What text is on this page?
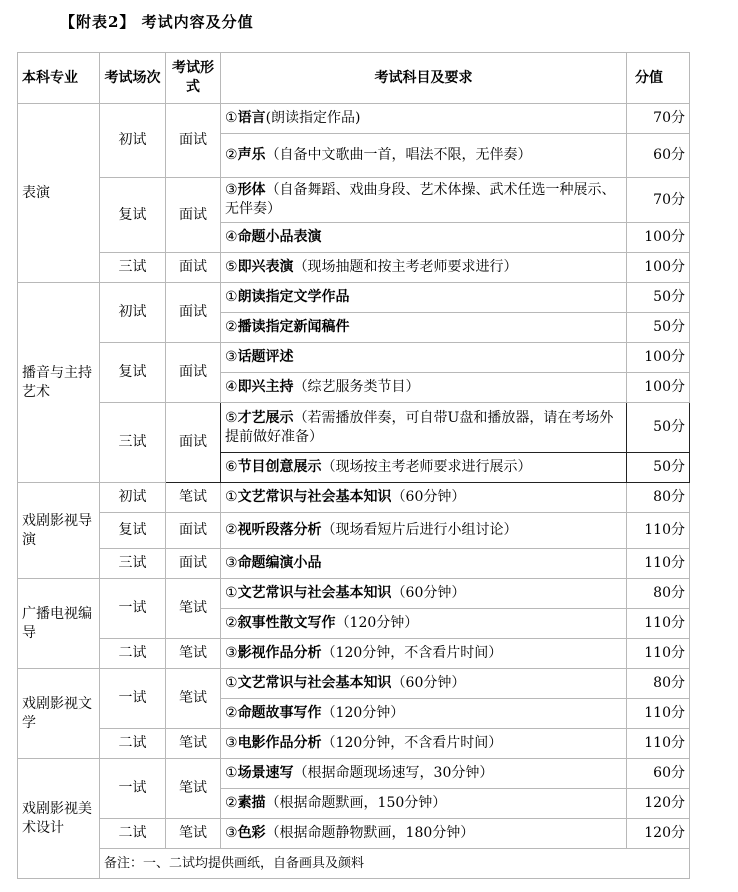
【附表2】 考试内容及分值
本科专业	考试场次	考试形式	考试科目及要求	分值
表演	初试	面试	①语言(朗读指定作品)	70分
			②声乐（自备中文歌曲一首，唱法不限，无伴奏）	60分
	复试	面试	③形体（自备舞蹈、戏曲身段、艺术体操、武术任选一种展示、无伴奏）	70分
			④命题小品表演	100分
	三试	面试	⑤即兴表演（现场抽题和按主考老师要求进行）	100分
播音与主持艺术	初试	面试	①朗读指定文学作品	50分
			②播读指定新闻稿件	50分
	复试	面试	③话题评述	100分
			④即兴主持（综艺服务类节目）	100分
	三试	面试	⑤才艺展示（若需播放伴奏，可自带U盘和播放器，请在考场外提前做好准备）	50分
			⑥节目创意展示（现场按主考老师要求进行展示）	50分
戏剧影视导演	初试	笔试	①文艺常识与社会基本知识（60分钟）	80分
	复试	面试	②视听段落分析（现场看短片后进行小组讨论）	110分
	三试	面试	③命题编演小品	110分
广播电视编导	一试	笔试	①文艺常识与社会基本知识（60分钟）	80分
			②叙事性散文写作（120分钟）	110分
	二试	笔试	③影视作品分析（120分钟，不含看片时间）	110分
戏剧影视文学	一试	笔试	①文艺常识与社会基本知识（60分钟）	80分
			②命题故事写作（120分钟）	110分
	二试	笔试	③电影作品分析（120分钟，不含看片时间）	110分
戏剧影视美术设计	一试	笔试	①场景速写（根据命题现场速写，30分钟）	60分
			②素描（根据命题默画，150分钟）	120分
	二试	笔试	③色彩（根据命题静物默画，180分钟）	120分
	备注：一、二试均提供画纸，自备画具及颜料			
